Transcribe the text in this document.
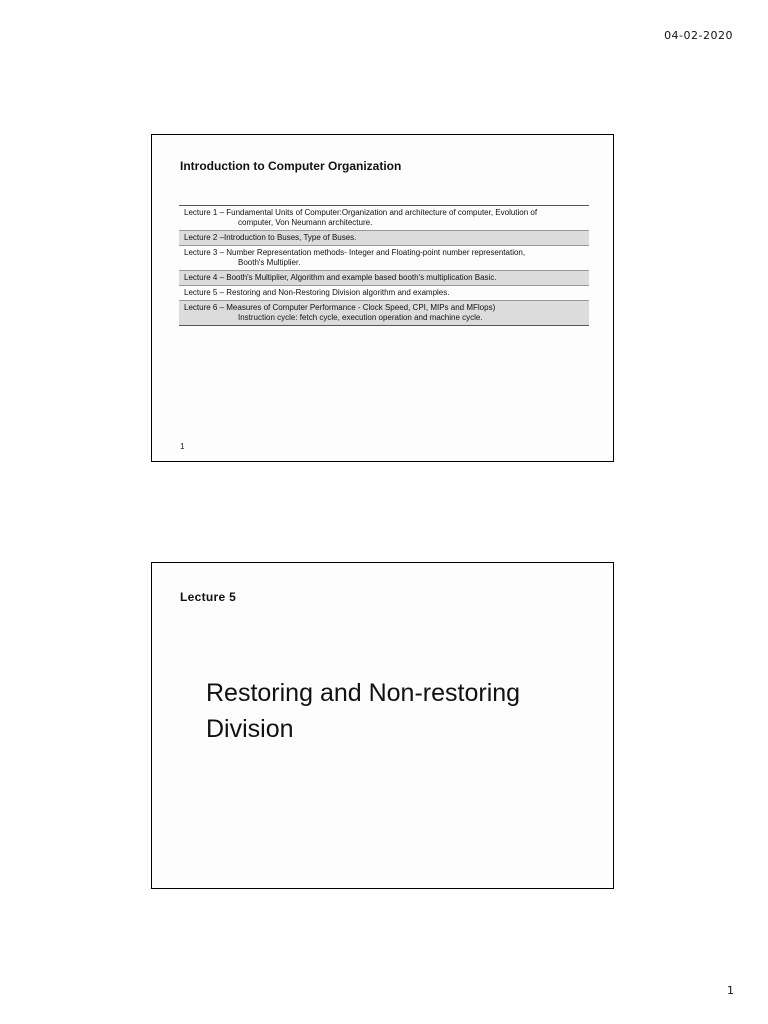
04-02-2020
Introduction to Computer Organization
Lecture 1 – Fundamental Units of Computer:Organization and architecture of computer, Evolution of
computer, Von Neumann architecture.
Lecture 2 –Introduction to Buses, Type of Buses.
Lecture 3 – Number Representation methods- Integer and Floating-point number representation,
Booth's Multiplier.
Lecture 4 – Booth's Multiplier, Algorithm and example based booth's multiplication Basic.
Lecture 5 – Restoring and Non-Restoring Division algorithm and examples.
Lecture 6 – Measures of Computer Performance - Clock Speed, CPI, MIPs and MFlops)
Instruction cycle: fetch cycle, execution operation and machine cycle.
1
Lecture 5
Restoring and Non-restoring Division
1
